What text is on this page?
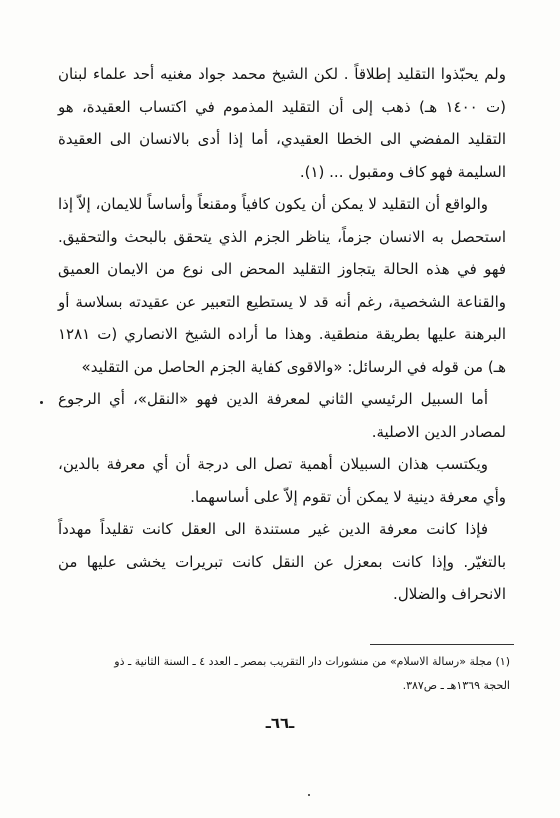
ولم يحبّذوا التقليد إطلاقاً . لكن الشيخ محمد جواد مغنيه أحد علماء لبنان (ت ١٤٠٠ هـ) ذهب إلى أن التقليد المذموم في اكتساب العقيدة، هو التقليد المفضي الى الخطا العقيدي، أما إذا أدى بالانسان الى العقيدة السليمة فهو كاف ومقبول ... (١).

والواقع أن التقليد لا يمكن أن يكون كافياً ومقنعاً وأساساً للايمان، إلاّ إذا استحصل به الانسان جزماً، يناظر الجزم الذي يتحقق بالبحث والتحقيق. فهو في هذه الحالة يتجاوز التقليد المحض الى نوع من الايمان العميق والقناعة الشخصية، رغم أنه قد لا يستطيع التعبير عن عقيدته بسلاسة أو البرهنة عليها بطريقة منطقية. وهذا ما أراده الشيخ الانصاري (ت ١٢٨١ هـ) من قوله في الرسائل: «والاقوى كفاية الجزم الحاصل من التقليد»

أما السبيل الرئيسي الثاني لمعرفة الدين فهو «النقل»، أي الرجوع لمصادر الدين الاصلية.

ويكتسب هذان السبيلان أهمية تصل الى درجة أن أي معرفة بالدين، وأي معرفة دينية لا يمكن أن تقوم إلاّ على أساسهما.

فإذا كانت معرفة الدين غير مستندة الى العقل كانت تقليداً مهدداً بالتغيّر. وإذا كانت بمعزل عن النقل كانت تبريرات يخشى عليها من الانحراف والضلال.

(١) مجلة «رسالة الاسلام» من منشورات دار التقريب بمصر ـ العدد ٤ ـ السنة الثانية ـ ذو

الحجة ١٣٦٩هـ ـ ص٣٨٧.

ـ٦٦ـ
